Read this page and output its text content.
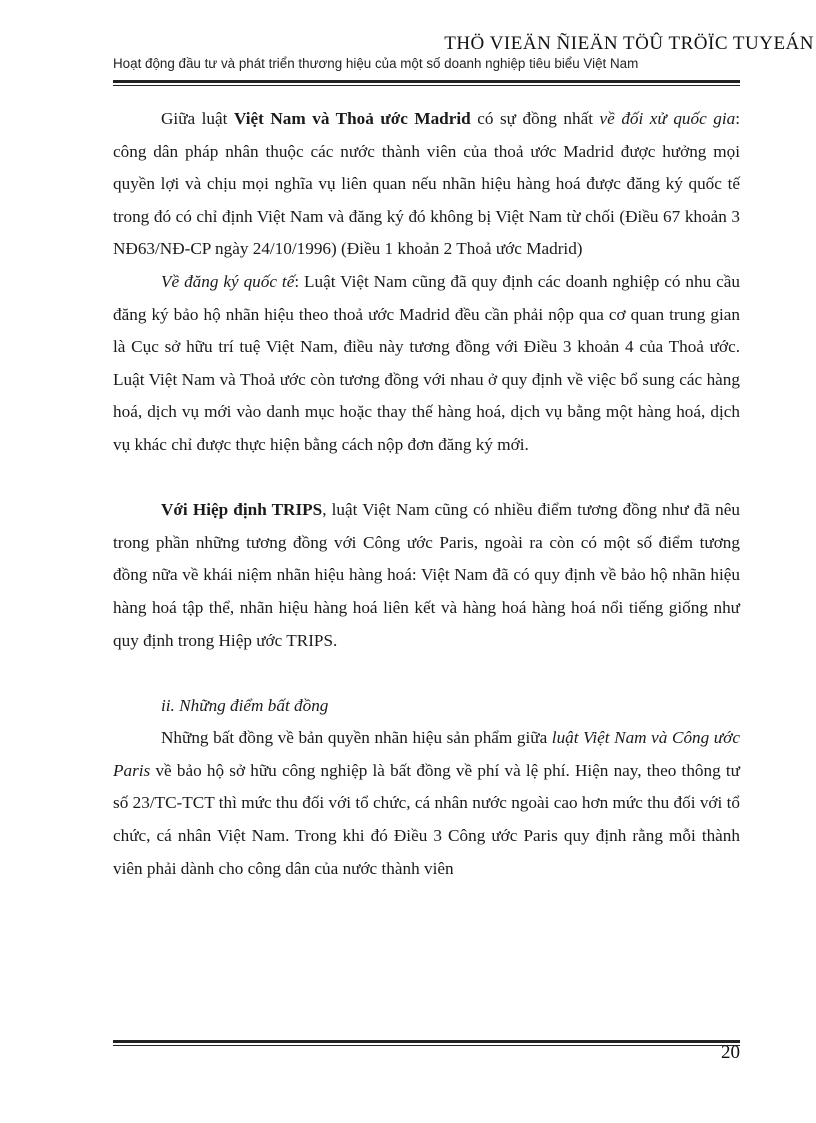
THÖ VIEÄN ÑIEÄN TÖÛ TRÖÏC TUYEÁN
Hoạt động đầu tư và phát triển thương hiệu của một số doanh nghiệp tiêu biểu Việt Nam

Giữa luật Việt Nam và Thoả ước Madrid có sự đồng nhất về đối xử quốc gia: công dân pháp nhân thuộc các nước thành viên của thoả ước Madrid được hưởng mọi quyền lợi và chịu mọi nghĩa vụ liên quan nếu nhãn hiệu hàng hoá được đăng ký quốc tế trong đó có chỉ định Việt Nam và đăng ký đó không bị Việt Nam từ chối (Điều 67 khoản 3 NĐ63/NĐ-CP ngày 24/10/1996) (Điều 1 khoản 2 Thoả ước Madrid)

Về đăng ký quốc tế: Luật Việt Nam cũng đã quy định các doanh nghiệp có nhu cầu đăng ký bảo hộ nhãn hiệu theo thoả ước Madrid đều cần phải nộp qua cơ quan trung gian là Cục sở hữu trí tuệ Việt Nam, điều này tương đồng với Điều 3 khoản 4 của Thoả ước. Luật Việt Nam và Thoả ước còn tương đồng với nhau ở quy định về việc bổ sung các hàng hoá, dịch vụ mới vào danh mục hoặc thay thế hàng hoá, dịch vụ bằng một hàng hoá, dịch vụ khác chỉ được thực hiện bằng cách nộp đơn đăng ký mới.

Với Hiệp định TRIPS, luật Việt Nam cũng có nhiều điểm tương đồng như đã nêu trong phần những tương đồng với Công ước Paris, ngoài ra còn có một số điểm tương đồng nữa về khái niệm nhãn hiệu hàng hoá: Việt Nam đã có quy định về bảo hộ nhãn hiệu hàng hoá tập thể, nhãn hiệu hàng hoá liên kết và hàng hoá hàng hoá nổi tiếng giống như quy định trong Hiệp ước TRIPS.

ii. Những điểm bất đồng

Những bất đồng về bản quyền nhãn hiệu sản phẩm giữa luật Việt Nam và Công ước Paris về bảo hộ sở hữu công nghiệp là bất đồng về phí và lệ phí. Hiện nay, theo thông tư số 23/TC-TCT thì mức thu đối với tổ chức, cá nhân nước ngoài cao hơn mức thu đối với tổ chức, cá nhân Việt Nam. Trong khi đó Điều 3 Công ước Paris quy định rằng mỗi thành viên phải dành cho công dân của nước thành viên

20
